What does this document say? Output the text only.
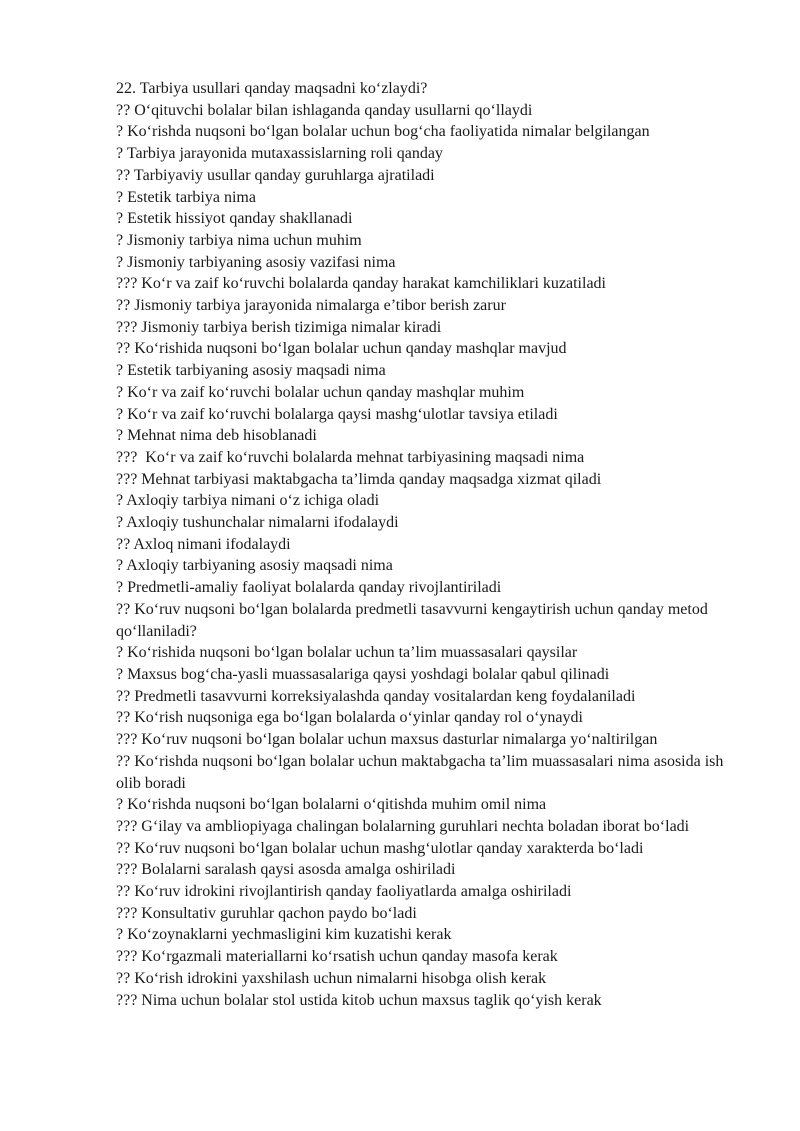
22. Tarbiya usullari qanday maqsadni ko‘zlaydi?

?? O‘qituvchi bolalar bilan ishlaganda qanday usullarni qo‘llaydi

? Ko‘rishda nuqsoni bo‘lgan bolalar uchun bog‘cha faoliyatida nimalar belgilangan

? Tarbiya jarayonida mutaxassislarning roli qanday

?? Tarbiyaviy usullar qanday guruhlarga ajratiladi

? Estetik tarbiya nima

? Estetik hissiyot qanday shakllanadi

? Jismoniy tarbiya nima uchun muhim

? Jismoniy tarbiyaning asosiy vazifasi nima

??? Ko‘r va zaif ko‘ruvchi bolalarda qanday harakat kamchiliklari kuzatiladi

?? Jismoniy tarbiya jarayonida nimalarga e’tibor berish zarur

??? Jismoniy tarbiya berish tizimiga nimalar kiradi

?? Ko‘rishida nuqsoni bo‘lgan bolalar uchun qanday mashqlar mavjud

? Estetik tarbiyaning asosiy maqsadi nima

? Ko‘r va zaif ko‘ruvchi bolalar uchun qanday mashqlar muhim

? Ko‘r va zaif ko‘ruvchi bolalarga qaysi mashg‘ulotlar tavsiya etiladi

? Mehnat nima deb hisoblanadi

???  Ko‘r va zaif ko‘ruvchi bolalarda mehnat tarbiyasining maqsadi nima

??? Mehnat tarbiyasi maktabgacha ta’limda qanday maqsadga xizmat qiladi

? Axloqiy tarbiya nimani o‘z ichiga oladi

? Axloqiy tushunchalar nimalarni ifodalaydi

?? Axloq nimani ifodalaydi

? Axloqiy tarbiyaning asosiy maqsadi nima

? Predmetli-amaliy faoliyat bolalarda qanday rivojlantiriladi

?? Ko‘ruv nuqsoni bo‘lgan bolalarda predmetli tasavvurni kengaytirish uchun qanday metod qo‘llaniladi?

? Ko‘rishida nuqsoni bo‘lgan bolalar uchun ta’lim muassasalari qaysilar

? Maxsus bog‘cha-yasli muassasalariga qaysi yoshdagi bolalar qabul qilinadi

?? Predmetli tasavvurni korreksiyalashda qanday vositalardan keng foydalaniladi

?? Ko‘rish nuqsoniga ega bo‘lgan bolalarda o‘yinlar qanday rol o‘ynaydi

??? Ko‘ruv nuqsoni bo‘lgan bolalar uchun maxsus dasturlar nimalarga yo‘naltirilgan

?? Ko‘rishda nuqsoni bo‘lgan bolalar uchun maktabgacha ta’lim muassasalari nima asosida ish olib boradi

? Ko‘rishda nuqsoni bo‘lgan bolalarni o‘qitishda muhim omil nima

??? G‘ilay va ambliopiyaga chalingan bolalarning guruhlari nechta boladan iborat bo‘ladi

?? Ko‘ruv nuqsoni bo‘lgan bolalar uchun mashg‘ulotlar qanday xarakterda bo‘ladi

??? Bolalarni saralash qaysi asosda amalga oshiriladi

?? Ko‘ruv idrokini rivojlantirish qanday faoliyatlarda amalga oshiriladi

??? Konsultativ guruhlar qachon paydo bo‘ladi

? Ko‘zoynaklarni yechmasligini kim kuzatishi kerak

??? Ko‘rgazmali materiallarni ko‘rsatish uchun qanday masofa kerak

?? Ko‘rish idrokini yaxshilash uchun nimalarni hisobga olish kerak

??? Nima uchun bolalar stol ustida kitob uchun maxsus taglik qo‘yish kerak
